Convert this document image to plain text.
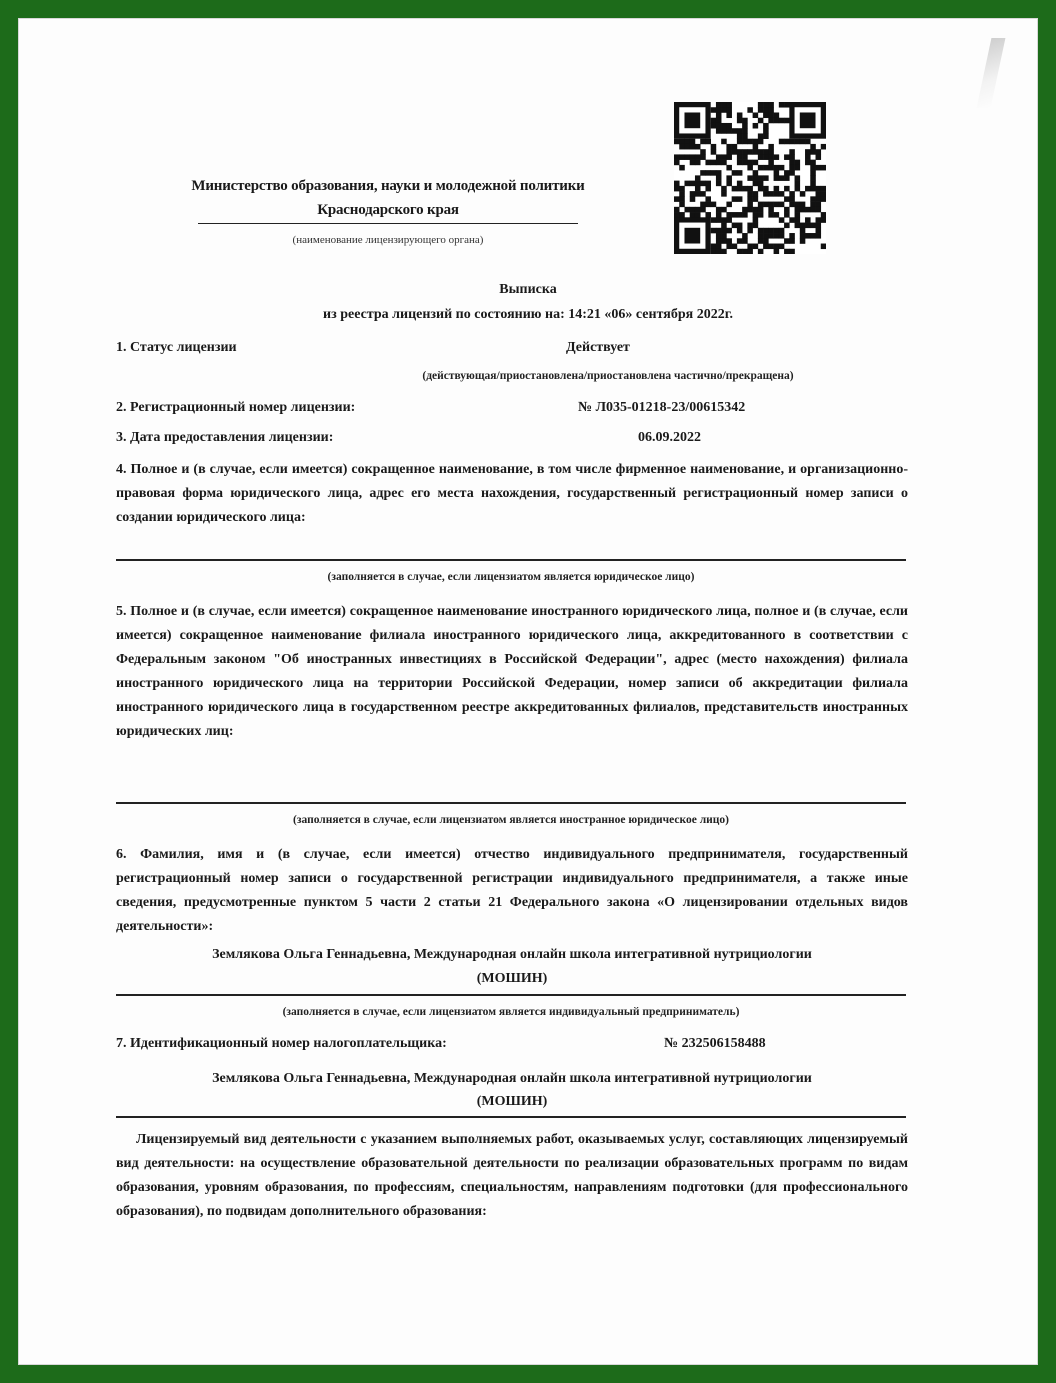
Министерство образования, науки и молодежной политики
Краснодарского края
(наименование лицензирующего органа)
Выписка
из реестра лицензий по состоянию на: 14:21 «06» сентября 2022г.
1. Статус лицензии	Действует
(действующая/приостановлена/приостановлена частично/прекращена)
2. Регистрационный номер лицензии:	№ Л035-01218-23/00615342
3. Дата предоставления лицензии:	06.09.2022
4. Полное и (в случае, если имеется) сокращенное наименование, в том числе фирменное наименование, и организационно-правовая форма юридического лица, адрес его места нахождения, государственный регистрационный номер записи о создании юридического лица:
(заполняется в случае, если лицензиатом является юридическое лицо)
5. Полное и (в случае, если имеется) сокращенное наименование иностранного юридического лица, полное и (в случае, если имеется) сокращенное наименование филиала иностранного юридического лица, аккредитованного в соответствии с Федеральным законом "Об иностранных инвестициях в Российской Федерации", адрес (место нахождения) филиала иностранного юридического лица на территории Российской Федерации, номер записи об аккредитации филиала иностранного юридического лица в государственном реестре аккредитованных филиалов, представительств иностранных юридических лиц:
(заполняется в случае, если лицензиатом является иностранное юридическое лицо)
6. Фамилия, имя и (в случае, если имеется) отчество индивидуального предпринимателя, государственный регистрационный номер записи о государственной регистрации индивидуального предпринимателя, а также иные сведения, предусмотренные пунктом 5 части 2 статьи 21 Федерального закона «О лицензировании отдельных видов деятельности»:
Землякова Ольга Геннадьевна, Международная онлайн школа интегративной нутрициологии
(МОШИН)
(заполняется в случае, если лицензиатом является индивидуальный предприниматель)
7. Идентификационный номер налогоплательщика:	№ 232506158488
Землякова Ольга Геннадьевна, Международная онлайн школа интегративной нутрициологии
(МОШИН)
Лицензируемый вид деятельности с указанием выполняемых работ, оказываемых услуг, составляющих лицензируемый вид деятельности: на осуществление образовательной деятельности по реализации образовательных программ по видам образования, уровням образования, по профессиям, специальностям, направлениям подготовки (для профессионального образования), по подвидам дополнительного образования:
